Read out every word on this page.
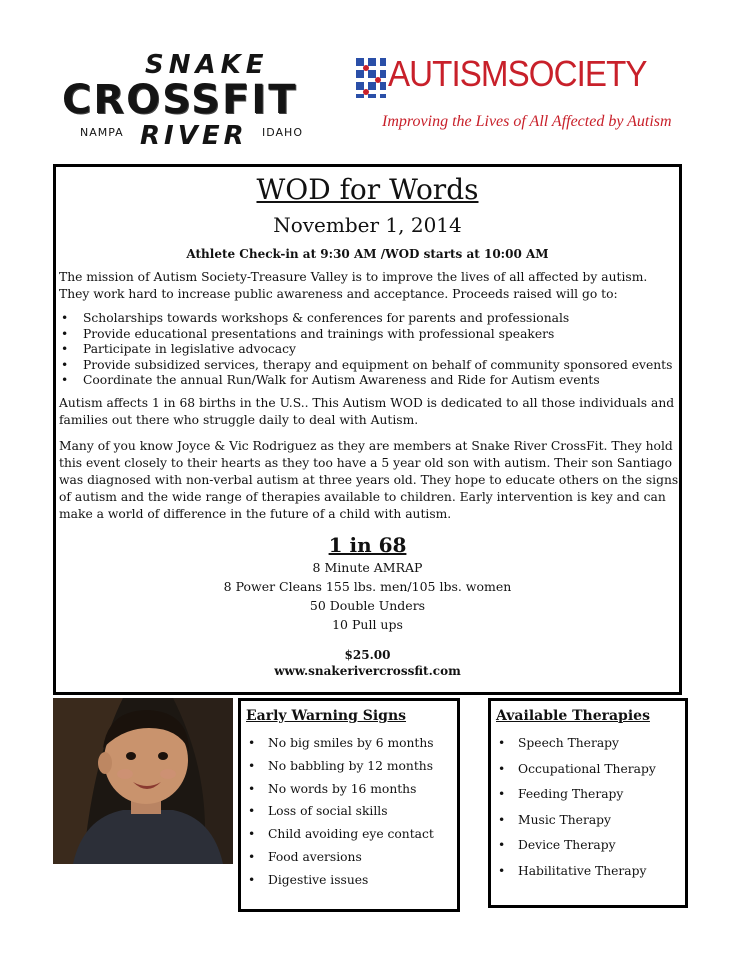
SNAKE
CROSSFIT
NAMPA RIVER IDAHO
AUTISMSOCIETY
Improving the Lives of All Affected by Autism
WOD for Words
November 1, 2014
Athlete Check-in at 9:30 AM /WOD starts at 10:00 AM

The mission of Autism Society-Treasure Valley is to improve the lives of all affected by autism. They work hard to increase public awareness and acceptance. Proceeds raised will go to:

• Scholarships towards workshops & conferences for parents and professionals
• Provide educational presentations and trainings with professional speakers
• Participate in legislative advocacy
• Provide subsidized services, therapy and equipment on behalf of community sponsored events
• Coordinate the annual Run/Walk for Autism Awareness and Ride for Autism events

Autism affects 1 in 68 births in the U.S.. This Autism WOD is dedicated to all those individuals and families out there who struggle daily to deal with Autism.

Many of you know Joyce & Vic Rodriguez as they are members at Snake River CrossFit. They hold this event closely to their hearts as they too have a 5 year old son with autism. Their son Santiago was diagnosed with non-verbal autism at three years old. They hope to educate others on the signs of autism and the wide range of therapies available to children. Early intervention is key and can make a world of difference in the future of a child with autism.

1 in 68
8 Minute AMRAP
8 Power Cleans 155 lbs. men/105 lbs. women
50 Double Unders
10 Pull ups
$25.00
www.snakerivercrossfit.com
Early Warning Signs
• No big smiles by 6 months
• No babbling by 12 months
• No words by 16 months
• Loss of social skills
• Child avoiding eye contact
• Food aversions
• Digestive issues
Available Therapies
• Speech Therapy
• Occupational Therapy
• Feeding Therapy
• Music Therapy
• Device Therapy
• Habilitative Therapy
